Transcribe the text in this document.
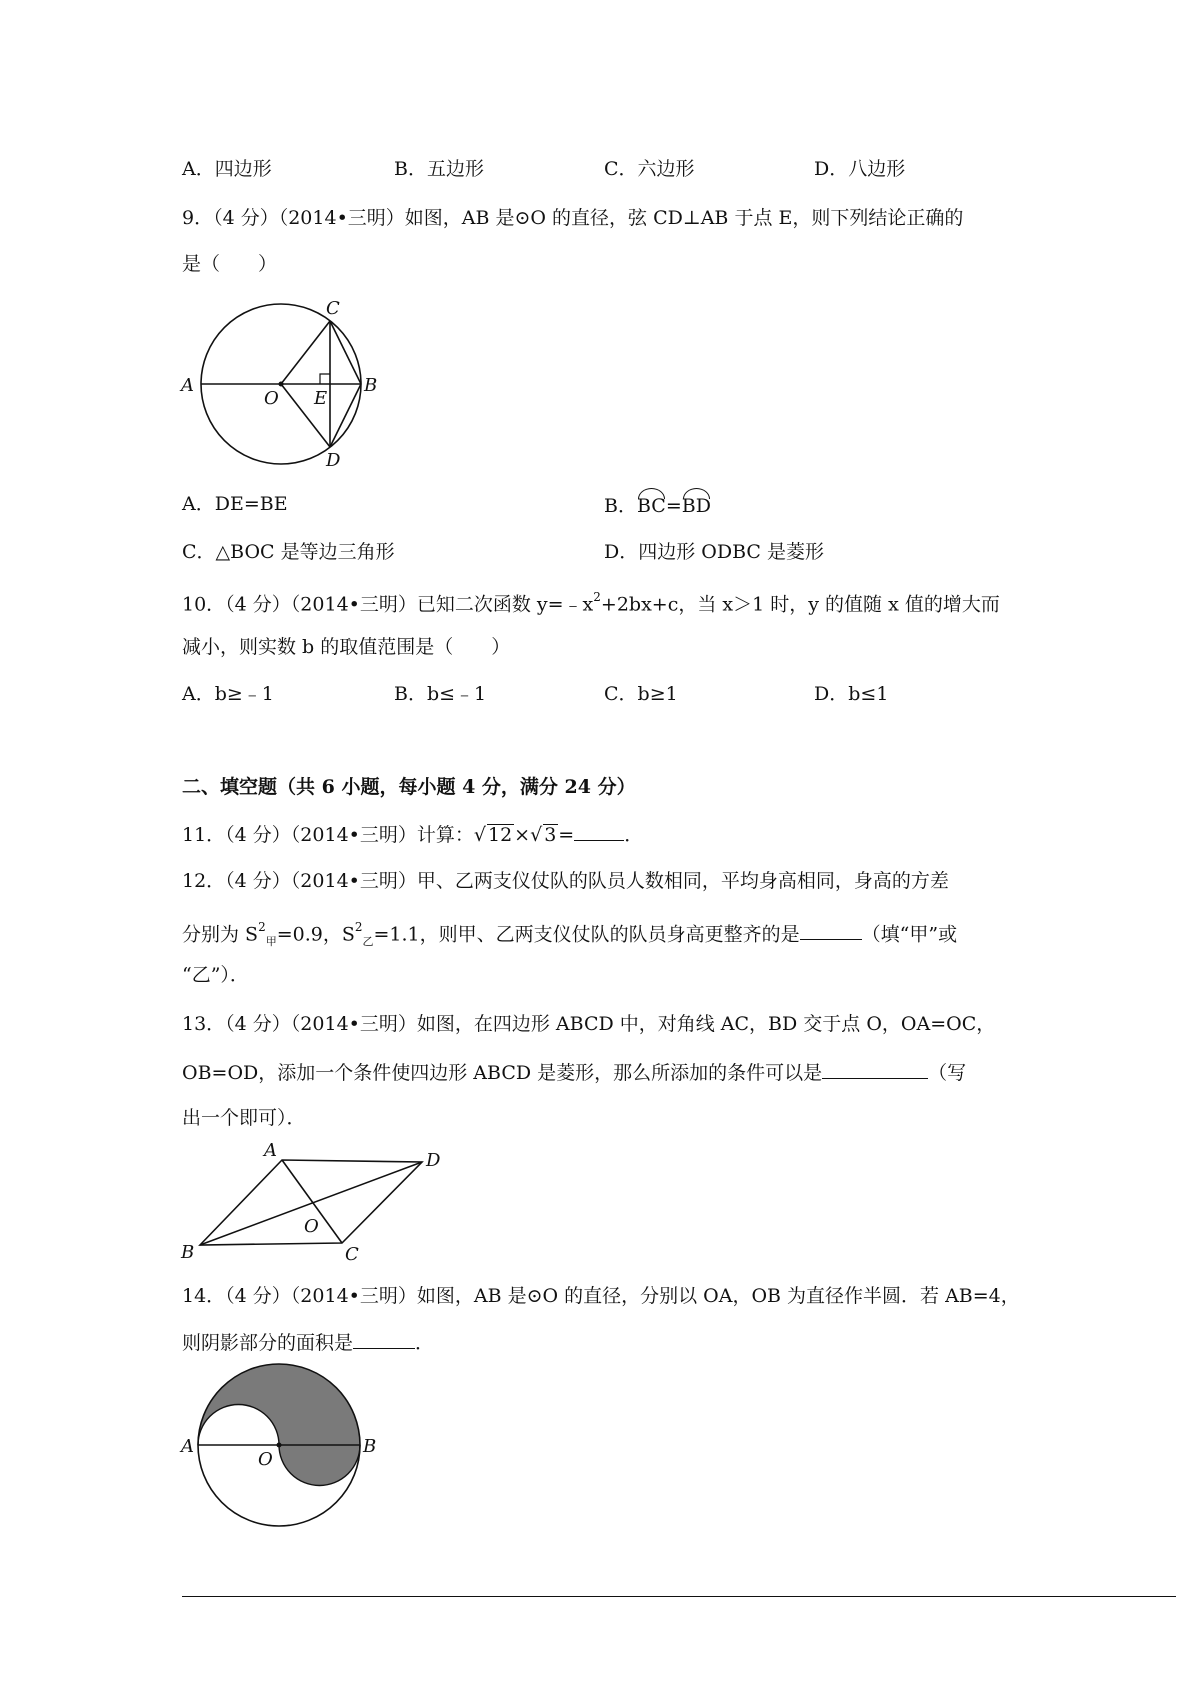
A．四边形	B．五边形	C．六边形	D．八边形
9．（4 分）（2014•三明）如图，AB 是⊙O 的直径，弦 CD⊥AB 于点 E，则下列结论正确的
是（　　）
A	B
C
D
O E
A．DE=BE	B．BC=BD
C．△BOC 是等边三角形	D．四边形 ODBC 是菱形
10．（4 分）（2014•三明）已知二次函数 $y=﹣x^2+2bx+c$，当 x＞1 时，y 的值随 x 值的增大而
减小，则实数 b 的取值范围是（　　）
A．b≥﹣1	B．b≤﹣1	C．b≥1	D．b≤1
二、填空题（共 6 小题，每小题 4 分，满分 24 分）
11．（4 分）（2014•三明）计算：√ 12 ×√ 3 =	．
12．（4 分）（2014•三明）甲、乙两支仪仗队的队员人数相同，平均身高相同，身高的方差
分别为 $S^2_甲=0.9$，$S^2_乙=1.1$，则甲、乙两支仪仗队的队员身高更整齐的是	（填“甲”或
“乙”）．
13．（4 分）（2014•三明）如图，在四边形 ABCD 中，对角线 AC，BD 交于点 O，OA=OC，
OB=OD，添加一个条件使四边形 ABCD 是菱形，那么所添加的条件可以是	（写
出一个即可）．
A
B	C
D
O
14．（4 分）（2014•三明）如图，AB 是⊙O 的直径，分别以 OA，OB 为直径作半圆．若 AB=4，
则阴影部分的面积是	．
A	B
O
